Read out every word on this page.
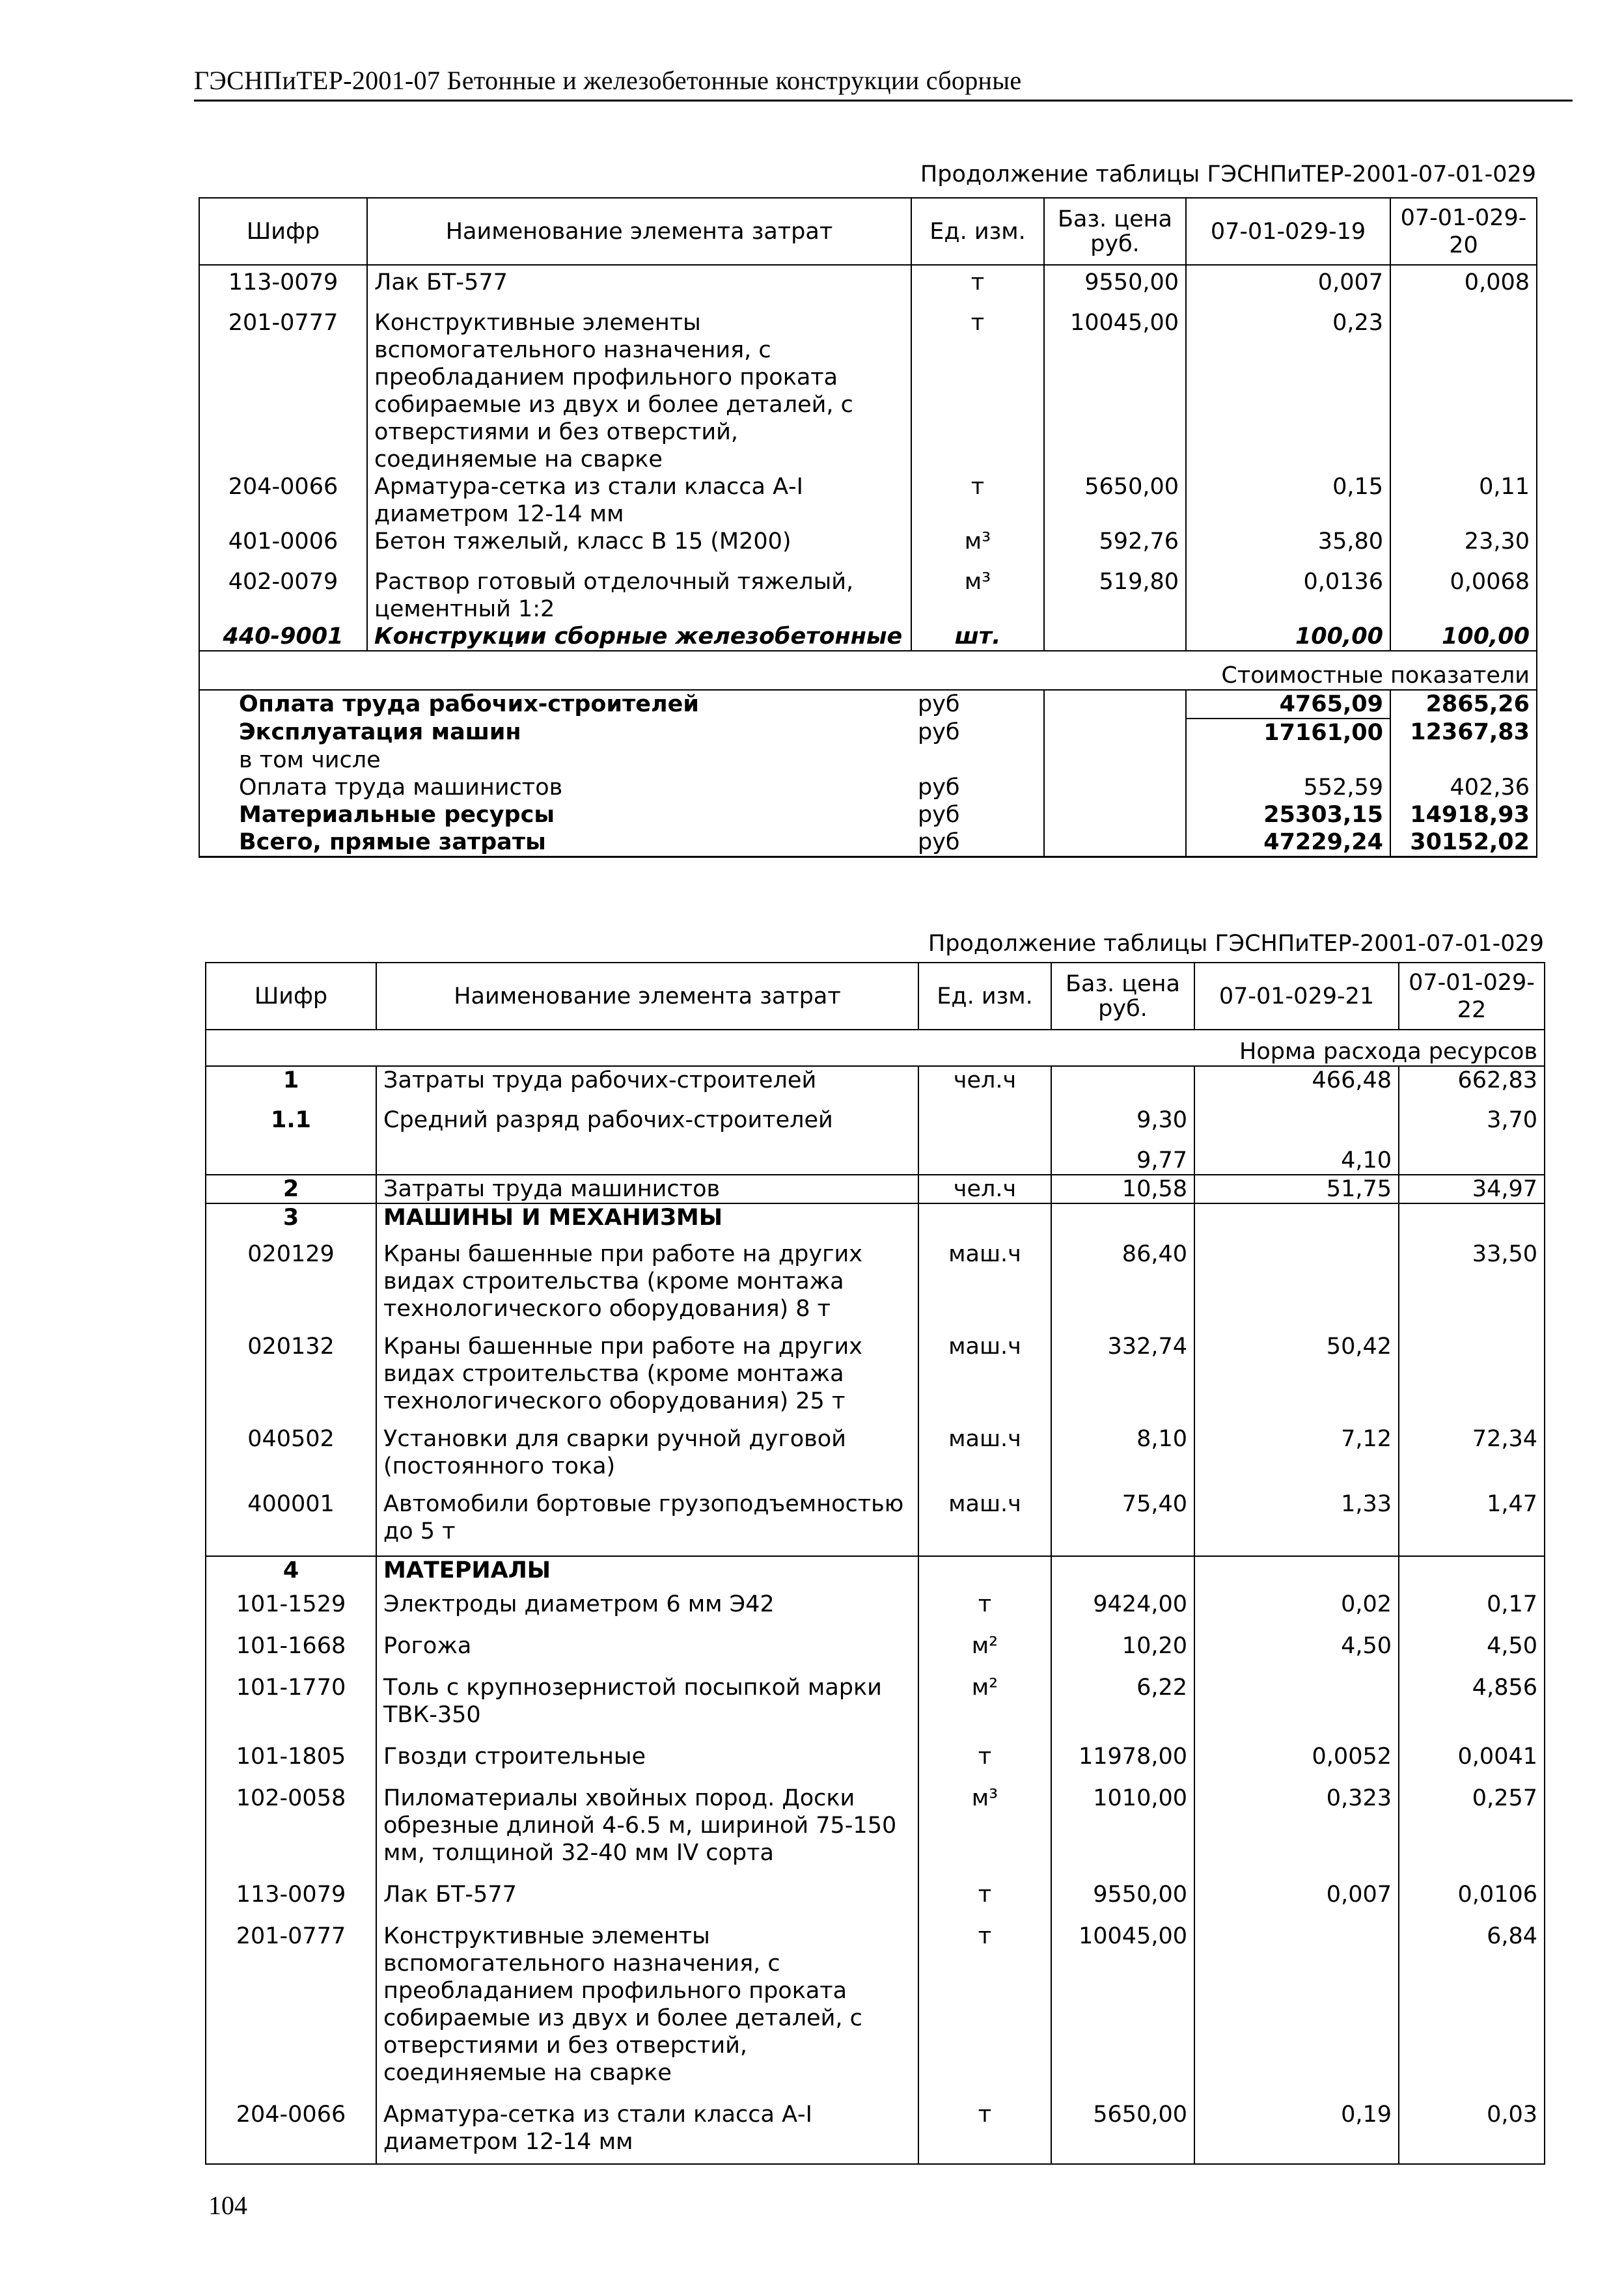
ГЭСНПиТЕР-2001-07 Бетонные и железобетонные конструкции сборные
Продолжение таблицы ГЭСНПиТЕР-2001-07-01-029
Шифр	Наименование элемента затрат	Ед. изм.	Баз. цена руб.	07-01-029-19	07-01-029-20

113-0079	Лак БТ-577	т	9550,00	0,007	0,008
201-0777	Конструктивные элементы вспомогательного назначения, с преобладанием профильного проката собираемые из двух и более деталей, с отверстиями и без отверстий, соединяемые на сварке	т	10045,00	0,23	
204-0066	Арматура-сетка из стали класса А-I диаметром 12-14 мм	т	5650,00	0,15	0,11
401-0006	Бетон тяжелый, класс В 15 (М200)	м³	592,76	35,80	23,30
402-0079	Раствор готовый отделочный тяжелый, цементный 1:2	м³	519,80	0,0136	0,0068
440-9001	Конструкции сборные железобетонные	шт.		100,00	100,00
Стоимостные показатели					
Оплата труда рабочих-строителей		руб		4765,09	2865,26
Эксплуатация машин		руб		17161,00	12367,83
в том числе					
Оплата труда машинистов		руб		552,59	402,36
Материальные ресурсы		руб		25303,15	14918,93
Всего, прямые затраты		руб		47229,24	30152,02
Продолжение таблицы ГЭСНПиТЕР-2001-07-01-029
Шифр	Наименование элемента затрат	Ед. изм.	Баз. цена руб.	07-01-029-21	07-01-029-22
Норма расхода ресурсов					
1	Затраты труда рабочих-строителей	чел.ч		466,48	662,83
1.1	Средний разряд рабочих-строителей		9,30		3,70
			9,77	4,10	
2	Затраты труда машинистов	чел.ч	10,58	51,75	34,97
3	МАШИНЫ И МЕХАНИЗМЫ				
020129	Краны башенные при работе на других видах строительства (кроме монтажа технологического оборудования) 8 т	маш.ч	86,40		33,50
020132	Краны башенные при работе на других видах строительства (кроме монтажа технологического оборудования) 25 т	маш.ч	332,74	50,42	
040502	Установки для сварки ручной дуговой (постоянного тока)	маш.ч	8,10	7,12	72,34
400001	Автомобили бортовые грузоподъемностью до 5 т	маш.ч	75,40	1,33	1,47
4	МАТЕРИАЛЫ				
101-1529	Электроды диаметром 6 мм Э42	т	9424,00	0,02	0,17
101-1668	Рогожа	м²	10,20	4,50	4,50
101-1770	Толь с крупнозернистой посыпкой марки ТВК-350	м²	6,22		4,856
101-1805	Гвозди строительные	т	11978,00	0,0052	0,0041
102-0058	Пиломатериалы хвойных пород. Доски обрезные длиной 4-6.5 м, шириной 75-150 мм, толщиной 32-40 мм IV сорта	м³	1010,00	0,323	0,257
113-0079	Лак БТ-577	т	9550,00	0,007	0,0106
201-0777	Конструктивные элементы вспомогательного назначения, с преобладанием профильного проката собираемые из двух и более деталей, с отверстиями и без отверстий, соединяемые на сварке	т	10045,00		6,84
204-0066	Арматура-сетка из стали класса А-I диаметром 12-14 мм	т	5650,00	0,19	0,03
104
